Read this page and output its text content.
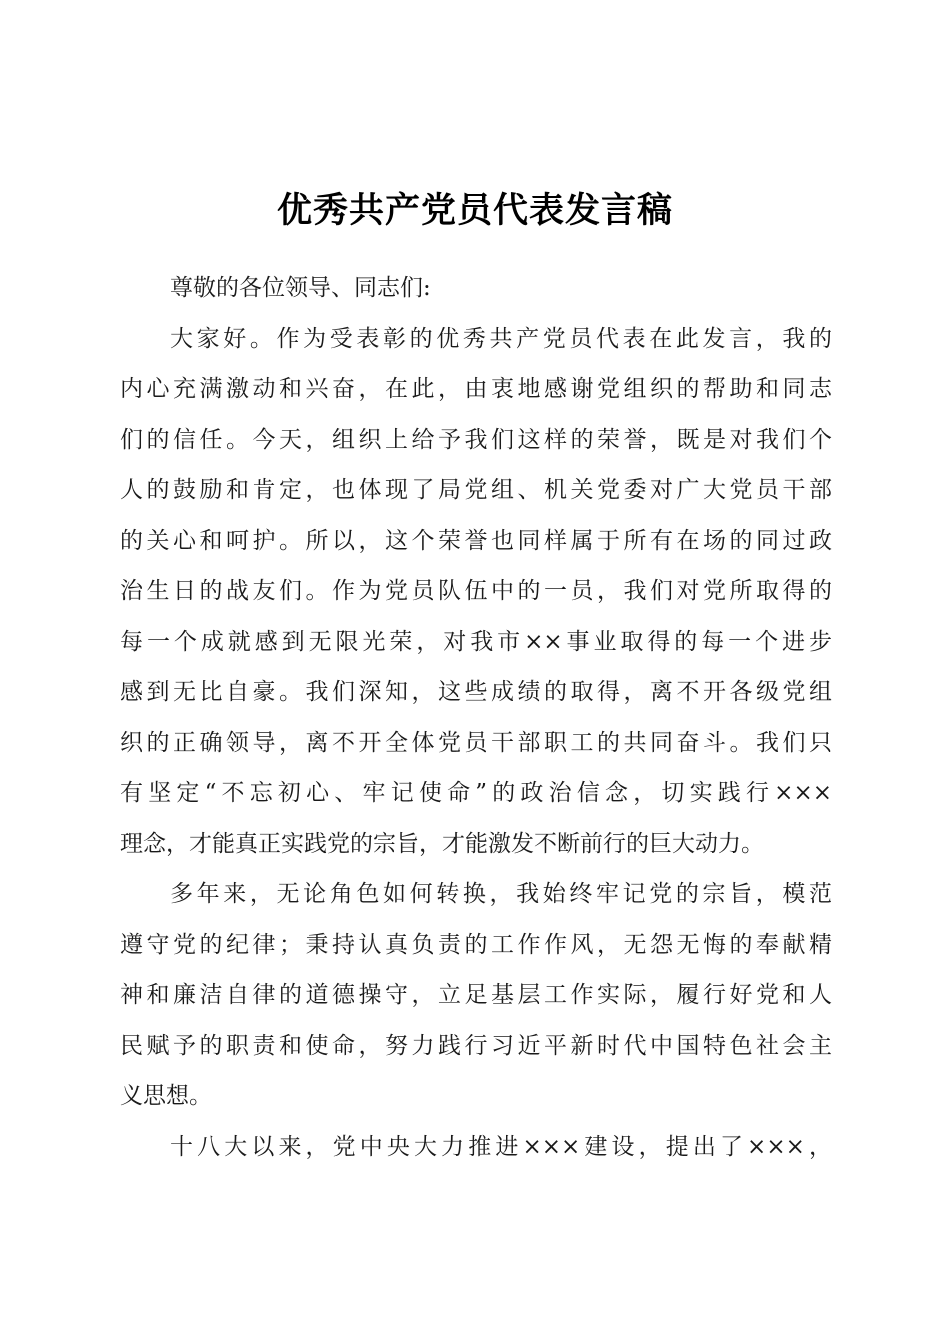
优秀共产党员代表发言稿

尊敬的各位领导、同志们:

大家好。作为受表彰的优秀共产党员代表在此发言，我的
内心充满激动和兴奋，在此，由衷地感谢党组织的帮助和同志
们的信任。今天，组织上给予我们这样的荣誉，既是对我们个
人的鼓励和肯定，也体现了局党组、机关党委对广大党员干部
的关心和呵护。所以，这个荣誉也同样属于所有在场的同过政
治生日的战友们。作为党员队伍中的一员，我们对党所取得的
每一个成就感到无限光荣，对我市××事业取得的每一个进步
感到无比自豪。我们深知，这些成绩的取得，离不开各级党组
织的正确领导，离不开全体党员干部职工的共同奋斗。我们只
有坚定“不忘初心、牢记使命”的政治信念，切实践行×××
理念，才能真正实践党的宗旨，才能激发不断前行的巨大动力。

多年来，无论角色如何转换，我始终牢记党的宗旨，模范
遵守党的纪律；秉持认真负责的工作作风，无怨无悔的奉献精
神和廉洁自律的道德操守，立足基层工作实际，履行好党和人
民赋予的职责和使命，努力践行习近平新时代中国特色社会主
义思想。

十八大以来，党中央大力推进×××建设，提出了×××，
